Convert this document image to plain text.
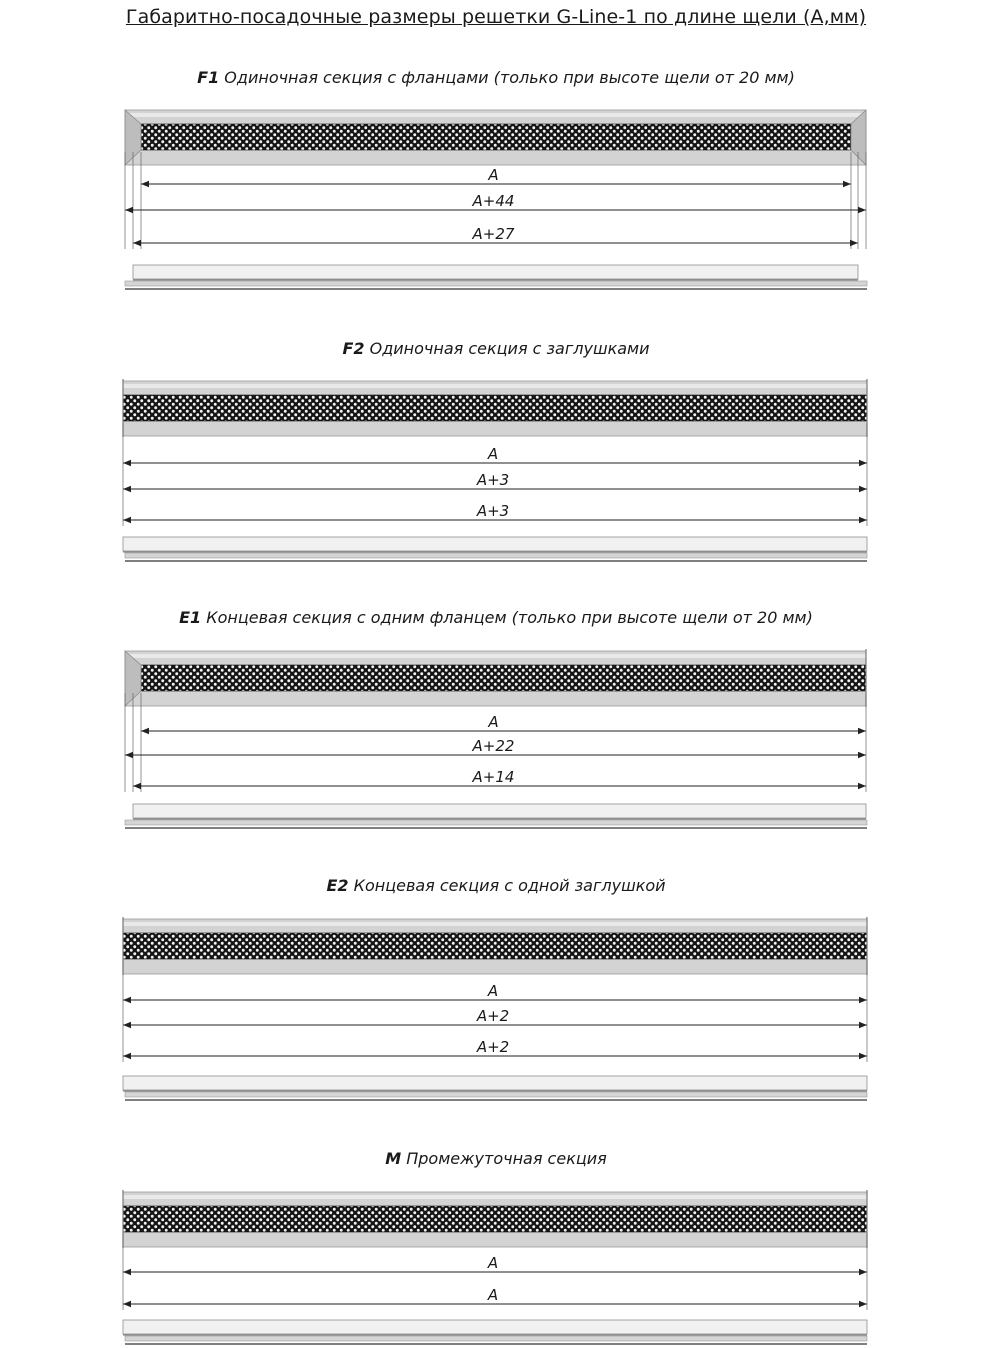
Габаритно-посадочные размеры решетки G-Line-1 по длине щели (А,мм)
F1 Одиночная секция с фланцами (только при высоте щели от 20 мм)
F2 Одиночная секция с заглушками
E1 Концевая секция с одним фланцем (только при высоте щели от 20 мм)
E2 Концевая секция с одной заглушкой
M Промежуточная секция
A
A+44
A+27
A
A+3
A+3
A
A+22
A+14
A
A+2
A+2
A
A
